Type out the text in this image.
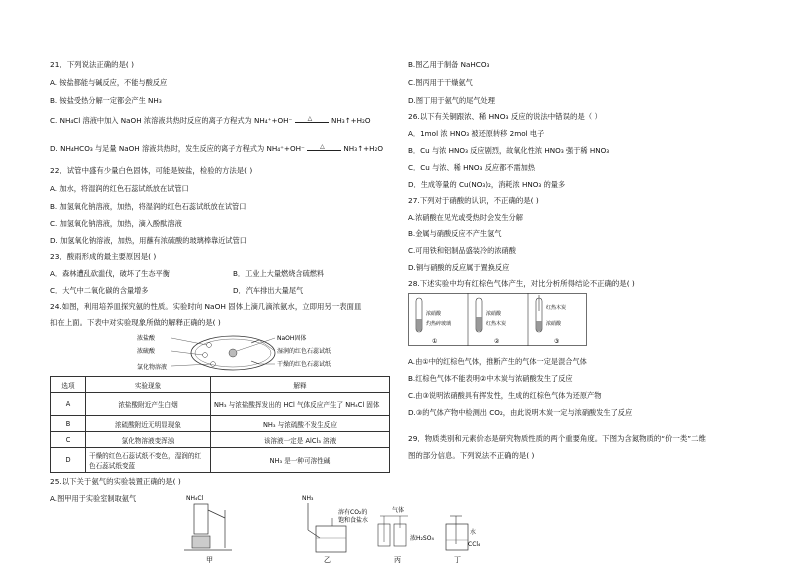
21．下列说法正确的是( )
A. 铵盐都能与碱反应，不能与酸反应
B. 铵盐受热分解一定都会产生 NH₃
C. NH₄Cl 溶液中加入 NaOH 浓溶液共热时反应的离子方程式为 NH₄⁺+OH⁻	△	NH₃↑+H₂O
D. NH₄HCO₃ 与足量 NaOH 溶液共热时，发生反应的离子方程式为 NH₄⁺+OH⁻	△	NH₃↑+H₂O
22．试管中盛有少量白色固体，可能是铵盐，检验的方法是( )
A. 加水，将湿润的红色石蕊试纸放在试管口
B. 加氢氧化钠溶液，加热，将湿润的红色石蕊试纸放在试管口
C. 加氢氧化钠溶液，加热，滴入酚酞溶液
D. 加氢氧化钠溶液，加热，用蘸有浓硫酸的玻璃棒靠近试管口
23．酸雨形成的最主要原因是( )
A．森林遭乱砍滥伐，破坏了生态平衡	B．工业上大量燃烧含硫燃料
C．大气中二氧化碳的含量增多	D．汽车排出大量尾气
24.如图，利用培养皿探究氨的性质。实验时向 NaOH 固体上滴几滴浓氨水，立即用另一表面皿
扣在上面。下表中对实验现象所做的解释正确的是( )
浓盐酸
浓硫酸
氯化物溶液
NaOH固体
湿润的红色石蕊试纸
干燥的红色石蕊试纸
选项	实验现象	解释
A	浓盐酸附近产生白烟	NH₃ 与浓盐酸挥发出的 HCl 气体反应产生了 NH₄Cl 固体
B	浓硫酸附近无明显现象	NH₃ 与浓硫酸不发生反应
C	氯化物溶液变浑浊	该溶液一定是 AlCl₃ 溶液
D	干燥的红色石蕊试纸不变色，湿润的红色石蕊试纸变蓝	NH₃ 是一种可溶性碱
25.以下关于氨气的实验装置正确的是( )
A.图甲用于实验室制取氨气	NH₄Cl
甲
NH₃
溶有CO₂的
饱和食盐水
乙
气体
浓H₂SO₄
丙
水
CCl₄
丁
B.图乙用于制备 NaHCO₃
C.图丙用于干燥氨气
D.图丁用于氨气的尾气处理
26.以下有关铜跟浓、稀 HNO₃ 反应的说法中错误的是（ ）
A．1mol 浓 HNO₃ 被还原转移 2mol 电子
B．Cu 与浓 HNO₃ 反应剧烈，故氧化性浓 HNO₃ 强于稀 HNO₃
C．Cu 与浓、稀 HNO₃ 反应都不需加热
D．生成等量的 Cu(NO₃)₂，消耗浓 HNO₃ 的量多
27.下列对于硝酸的认识，不正确的是( )
A.浓硝酸在见光或受热时会发生分解
B.金属与硝酸反应不产生氢气
C.可用铁和铝制品盛装冷的浓硝酸
D.铜与硝酸的反应属于置换反应
28.下述实验中均有红棕色气体产生，对比分析所得结论不正确的是( )
浓硝酸
灼热碎玻璃
①
浓硝酸
红热木炭
②
红热木炭
浓硝酸
③
A.由①中的红棕色气体，推断产生的气体一定是混合气体
B.红棕色气体不能表明②中木炭与浓硝酸发生了反应
C.由③说明浓硝酸具有挥发性，生成的红棕色气体为还原产物
D.③的气体产物中检测出 CO₂，由此说明木炭一定与浓硝酸发生了反应
29．物质类别和元素价态是研究物质性质的两个重要角度。下图为含氮物质的“价一类”二维
图的部分信息。下列说法不正确的是( )
